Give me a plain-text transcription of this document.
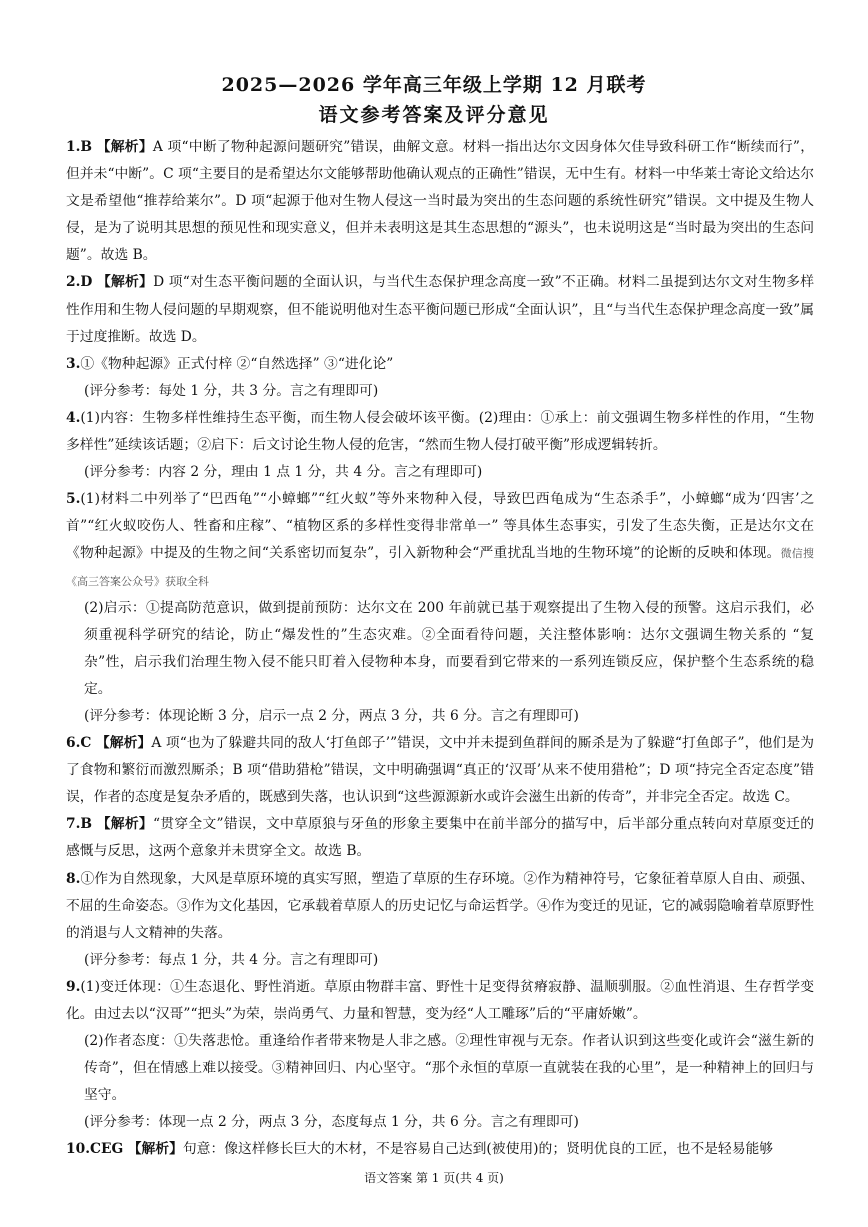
2025—2026 学年高三年级上学期 12 月联考
语文参考答案及评分意见

1.B 【解析】A 项“中断了物种起源问题研究”错误，曲解文意。材料一指出达尔文因身体欠佳导致科研工作“断续而行”，但并未“中断”。C 项“主要目的是希望达尔文能够帮助他确认观点的正确性”错误，无中生有。材料一中华莱士寄论文给达尔文是希望他“推荐给莱尔”。D 项“起源于他对生物人侵这一当时最为突出的生态问题的系统性研究”错误。文中提及生物人侵，是为了说明其思想的预见性和现实意义，但并未表明这是其生态思想的“源头”，也未说明这是“当时最为突出的生态问题”。故选 B。

2.D 【解析】D 项“对生态平衡问题的全面认识，与当代生态保护理念高度一致”不正确。材料二虽提到达尔文对生物多样性作用和生物人侵问题的早期观察，但不能说明他对生态平衡问题已形成“全面认识”，且“与当代生态保护理念高度一致”属于过度推断。故选 D。

3.①《物种起源》正式付梓 ②“自然选择” ③“进化论”

(评分参考：每处 1 分，共 3 分。言之有理即可)

4.(1)内容：生物多样性维持生态平衡，而生物人侵会破坏该平衡。(2)理由：①承上：前文强调生物多样性的作用，“生物多样性”延续该话题；②启下：后文讨论生物人侵的危害，“然而生物人侵打破平衡”形成逻辑转折。

(评分参考：内容 2 分，理由 1 点 1 分，共 4 分。言之有理即可)

5.(1)材料二中列举了“巴西龟”“小蟑螂”“红火蚁”等外来物种入侵，导致巴西龟成为“生态杀手”，小蟑螂“成为‘四害’之首”“红火蚁咬伤人、牲畜和庄稼”、“植物区系的多样性变得非常单一” 等具体生态事实，引发了生态失衡，正是达尔文在《物种起源》中提及的生物之间“关系密切而复杂”，引入新物种会“严重扰乱当地的生物环境”的论断的反映和体现。微信搜《高三答案公众号》获取全科

(2)启示：①提高防范意识，做到提前预防：达尔文在 200 年前就已基于观察提出了生物入侵的预警。这启示我们，必须重视科学研究的结论，防止“爆发性的”生态灾难。②全面看待问题，关注整体影响：达尔文强调生物关系的 “复杂”性，启示我们治理生物入侵不能只盯着入侵物种本身，而要看到它带来的一系列连锁反应，保护整个生态系统的稳定。

(评分参考：体现论断 3 分，启示一点 2 分，两点 3 分，共 6 分。言之有理即可)

6.C 【解析】A 项“也为了躲避共同的敌人‘打鱼郎子’”错误，文中并未提到鱼群间的厮杀是为了躲避“打鱼郎子”，他们是为了食物和繁衍而激烈厮杀；B 项“借助猎枪”错误，文中明确强调“真正的‘汉哥’从来不使用猎枪”；D 项“持完全否定态度”错误，作者的态度是复杂矛盾的，既感到失落，也认识到“这些源源新水或许会滋生出新的传奇”，并非完全否定。故选 C。

7.B 【解析】“贯穿全文”错误，文中草原狼与牙鱼的形象主要集中在前半部分的描写中，后半部分重点转向对草原变迁的感慨与反思，这两个意象并未贯穿全文。故选 B。

8.①作为自然现象，大风是草原环境的真实写照，塑造了草原的生存环境。②作为精神符号，它象征着草原人自由、顽强、不屈的生命姿态。③作为文化基因，它承载着草原人的历史记忆与命运哲学。④作为变迁的见证，它的减弱隐喻着草原野性的消退与人文精神的失落。

(评分参考：每点 1 分，共 4 分。言之有理即可)

9.(1)变迁体现：①生态退化、野性消逝。草原由物群丰富、野性十足变得贫瘠寂静、温顺驯服。②血性消退、生存哲学变化。由过去以“汉哥”“把头”为荣，崇尚勇气、力量和智慧，变为经“人工雕琢”后的“平庸娇嫩”。

(2)作者态度：①失落悲怆。重逢给作者带来物是人非之感。②理性审视与无奈。作者认识到这些变化或许会“滋生新的传奇”，但在情感上难以接受。③精神回归、内心坚守。“那个永恒的草原一直就装在我的心里”，是一种精神上的回归与坚守。

(评分参考：体现一点 2 分，两点 3 分，态度每点 1 分，共 6 分。言之有理即可)

10.CEG 【解析】句意：像这样修长巨大的木材，不是容易自己达到(被使用)的；贤明优良的工匠，也不是轻易能够

语文答案 第 1 页(共 4 页)
